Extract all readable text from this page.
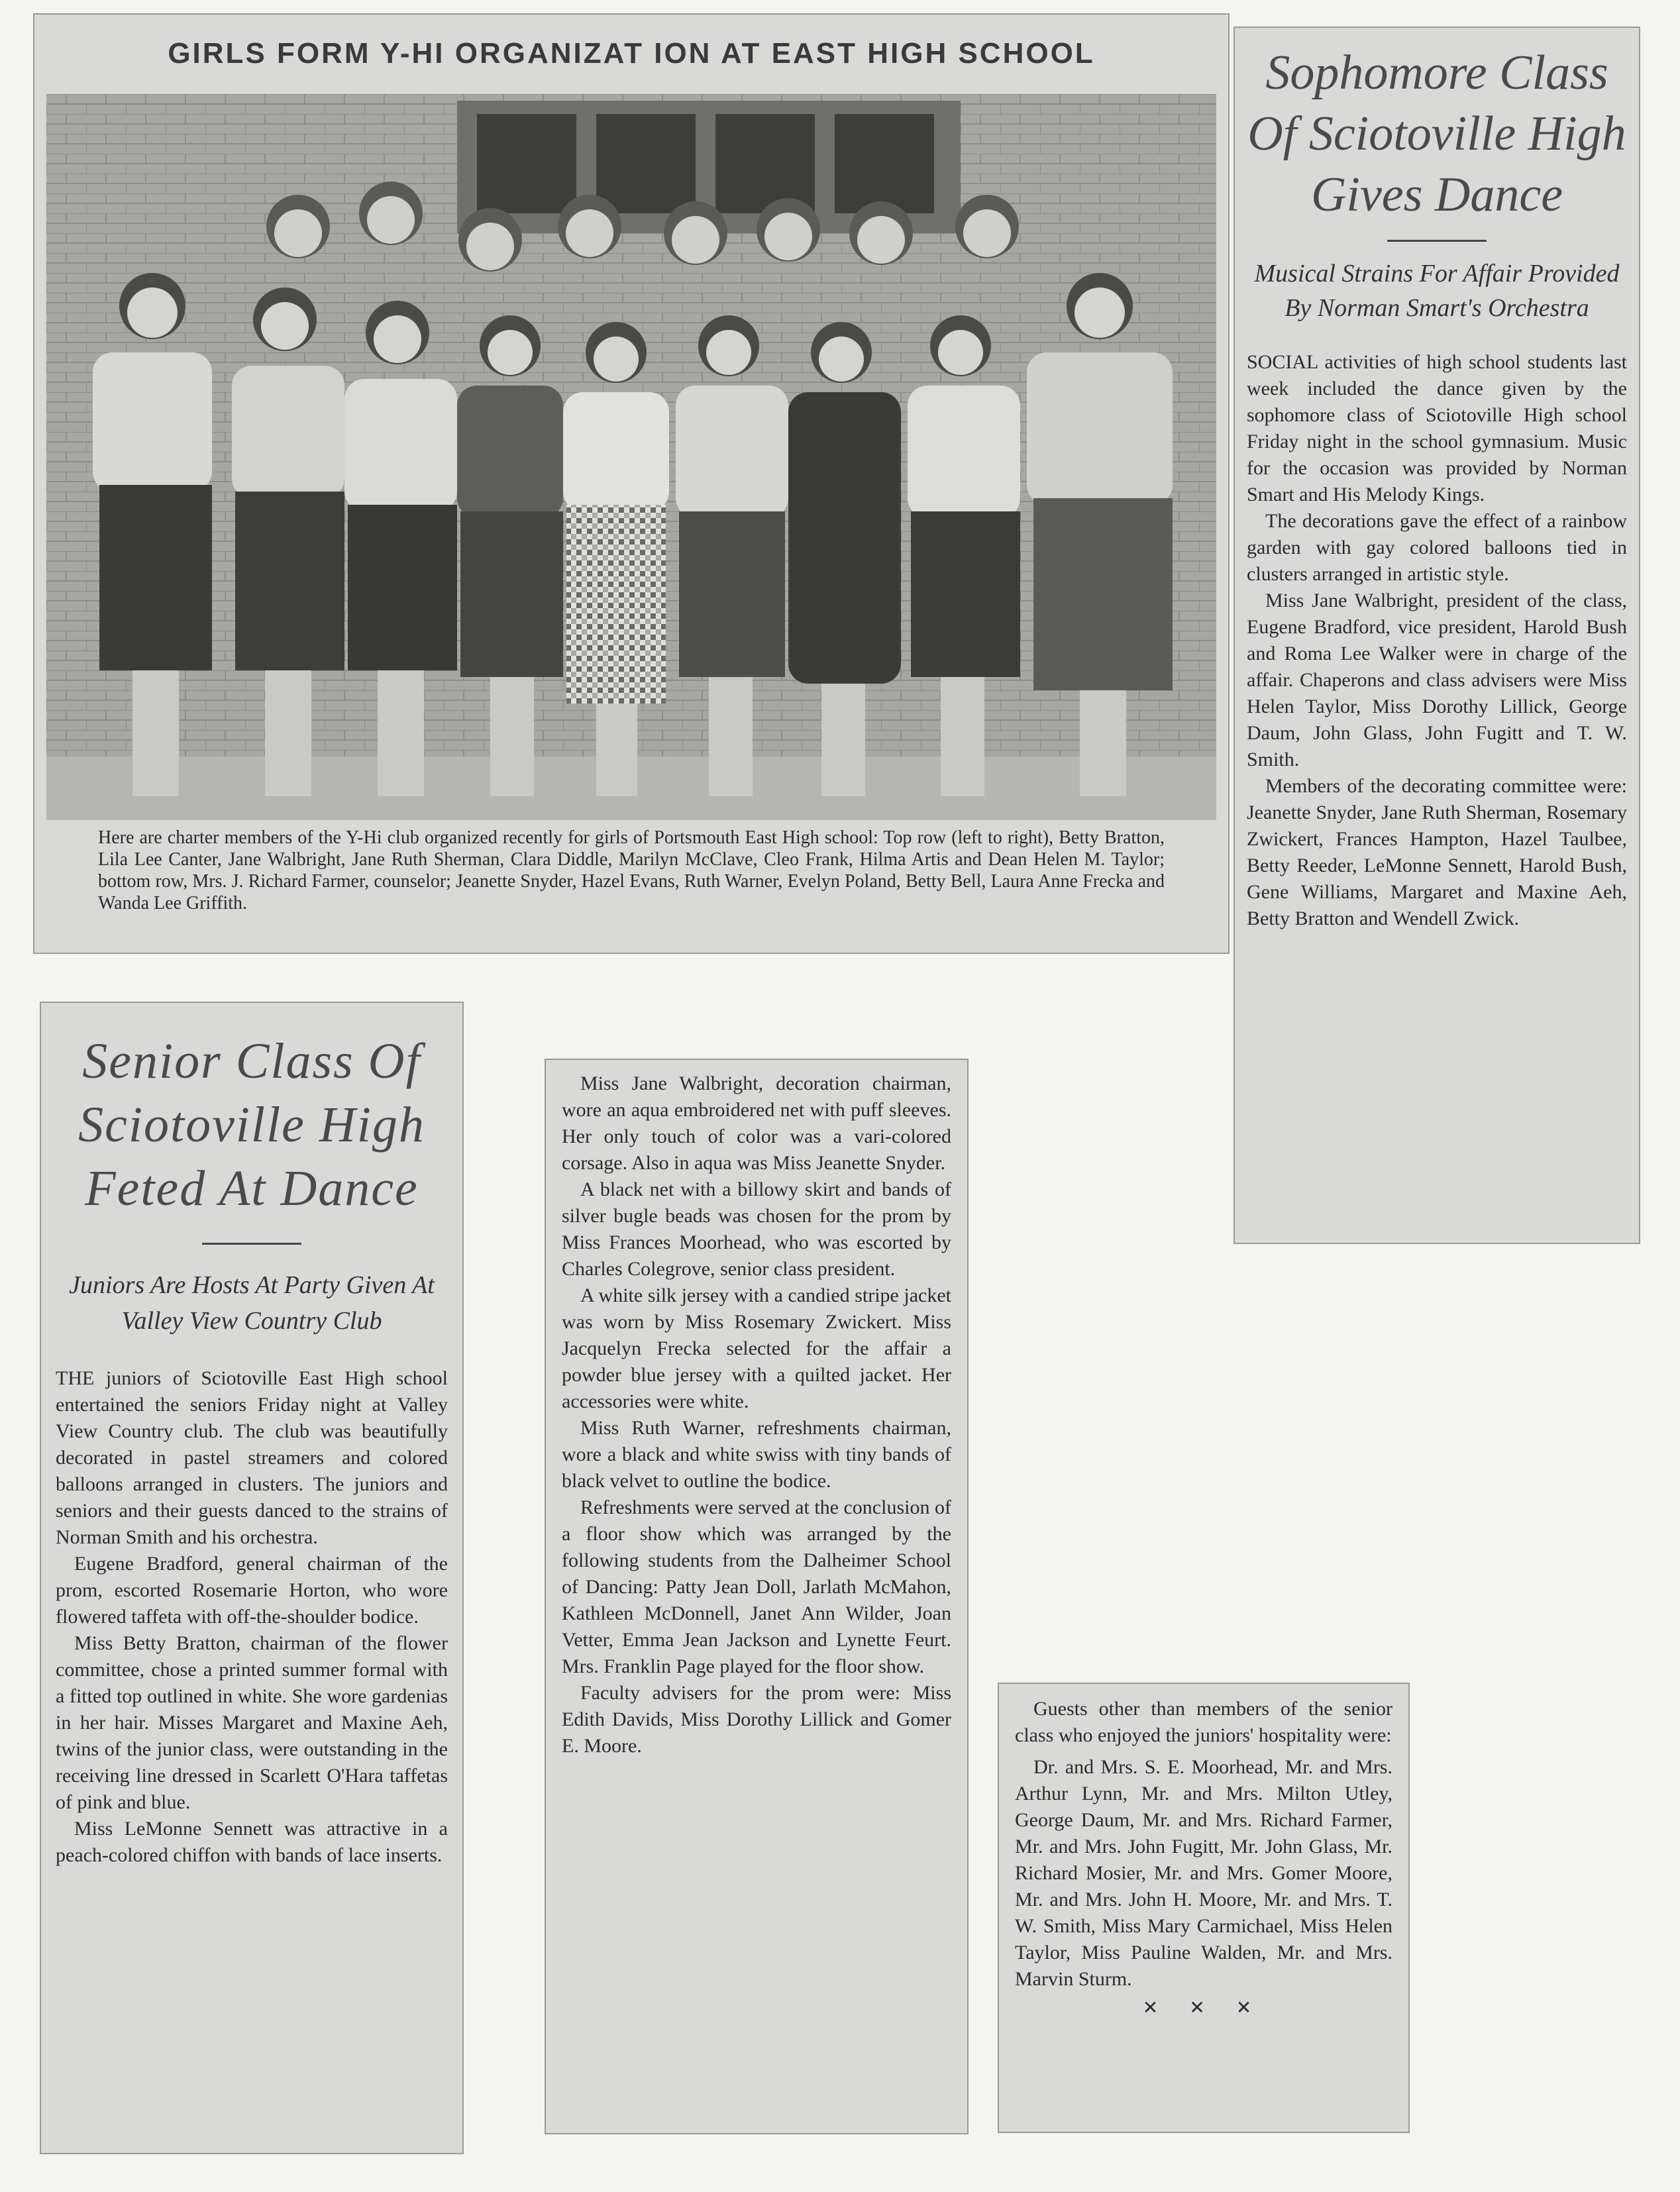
GIRLS FORM Y-HI ORGANIZAT ION AT EAST HIGH SCHOOL

Here are charter members of the Y-Hi club organized recently for girls of Portsmouth East High school: Top row (left to right), Betty Bratton, Lila Lee Canter, Jane Walbright, Jane Ruth Sherman, Clara Diddle, Marilyn McClave, Cleo Frank, Hilma Artis and Dean Helen M. Taylor; bottom row, Mrs. J. Richard Farmer, counselor; Jeanette Snyder, Hazel Evans, Ruth Warner, Evelyn Poland, Betty Bell, Laura Anne Frecka and Wanda Lee Griffith.

Sophomore Class Of Sciotoville High Gives Dance

Musical Strains For Affair Provided By Norman Smart's Orchestra

SOCIAL activities of high school students last week included the dance given by the sophomore class of Sciotoville High school Friday night in the school gymnasium. Music for the occasion was provided by Norman Smart and His Melody Kings.

The decorations gave the effect of a rainbow garden with gay colored balloons tied in clusters arranged in artistic style.

Miss Jane Walbright, president of the class, Eugene Bradford, vice president, Harold Bush and Roma Lee Walker were in charge of the affair. Chaperons and class advisers were Miss Helen Taylor, Miss Dorothy Lillick, George Daum, John Glass, John Fugitt and T. W. Smith.

Members of the decorating committee were: Jeanette Snyder, Jane Ruth Sherman, Rosemary Zwickert, Frances Hampton, Hazel Taulbee, Betty Reeder, LeMonne Sennett, Harold Bush, Gene Williams, Margaret and Maxine Aeh, Betty Bratton and Wendell Zwick.

Senior Class Of Sciotoville High Feted At Dance

Juniors Are Hosts At Party Given At Valley View Country Club

THE juniors of Sciotoville East High school entertained the seniors Friday night at Valley View Country club. The club was beautifully decorated in pastel streamers and colored balloons arranged in clusters. The juniors and seniors and their guests danced to the strains of Norman Smith and his orchestra.

Eugene Bradford, general chairman of the prom, escorted Rosemarie Horton, who wore flowered taffeta with off-the-shoulder bodice.

Miss Betty Bratton, chairman of the flower committee, chose a printed summer formal with a fitted top outlined in white. She wore gardenias in her hair. Misses Margaret and Maxine Aeh, twins of the junior class, were outstanding in the receiving line dressed in Scarlett O'Hara taffetas of pink and blue.

Miss LeMonne Sennett was attractive in a peach-colored chiffon with bands of lace inserts.

Miss Jane Walbright, decoration chairman, wore an aqua embroidered net with puff sleeves. Her only touch of color was a vari-colored corsage. Also in aqua was Miss Jeanette Snyder.

A black net with a billowy skirt and bands of silver bugle beads was chosen for the prom by Miss Frances Moorhead, who was escorted by Charles Colegrove, senior class president.

A white silk jersey with a candied stripe jacket was worn by Miss Rosemary Zwickert. Miss Jacquelyn Frecka selected for the affair a powder blue jersey with a quilted jacket. Her accessories were white.

Miss Ruth Warner, refreshments chairman, wore a black and white swiss with tiny bands of black velvet to outline the bodice.

Refreshments were served at the conclusion of a floor show which was arranged by the following students from the Dalheimer School of Dancing: Patty Jean Doll, Jarlath McMahon, Kathleen McDonnell, Janet Ann Wilder, Joan Vetter, Emma Jean Jackson and Lynette Feurt. Mrs. Franklin Page played for the floor show.

Faculty advisers for the prom were: Miss Edith Davids, Miss Dorothy Lillick and Gomer E. Moore.

Guests other than members of the senior class who enjoyed the juniors' hospitality were:

Dr. and Mrs. S. E. Moorhead, Mr. and Mrs. Arthur Lynn, Mr. and Mrs. Milton Utley, George Daum, Mr. and Mrs. Richard Farmer, Mr. and Mrs. John Fugitt, Mr. John Glass, Mr. Richard Mosier, Mr. and Mrs. Gomer Moore, Mr. and Mrs. John H. Moore, Mr. and Mrs. T. W. Smith, Miss Mary Carmichael, Miss Helen Taylor, Miss Pauline Walden, Mr. and Mrs. Marvin Sturm.

✕ ✕ ✕
